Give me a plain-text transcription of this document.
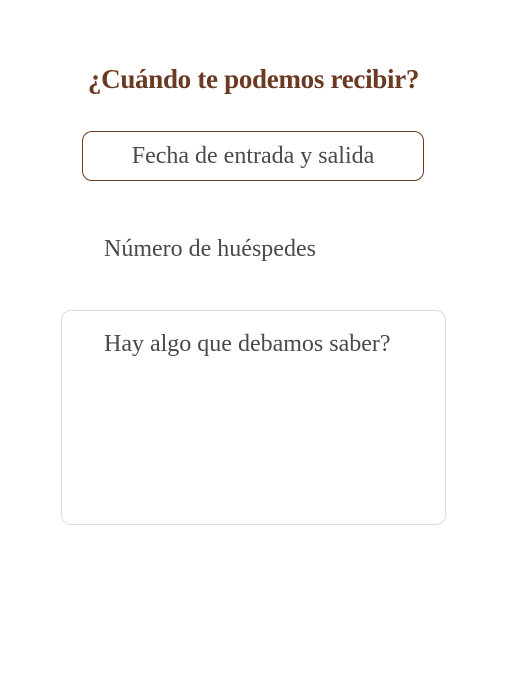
¿Cuándo te podemos recibir?
Fecha de entrada y salida
Número de huéspedes
Hay algo que debamos saber?
